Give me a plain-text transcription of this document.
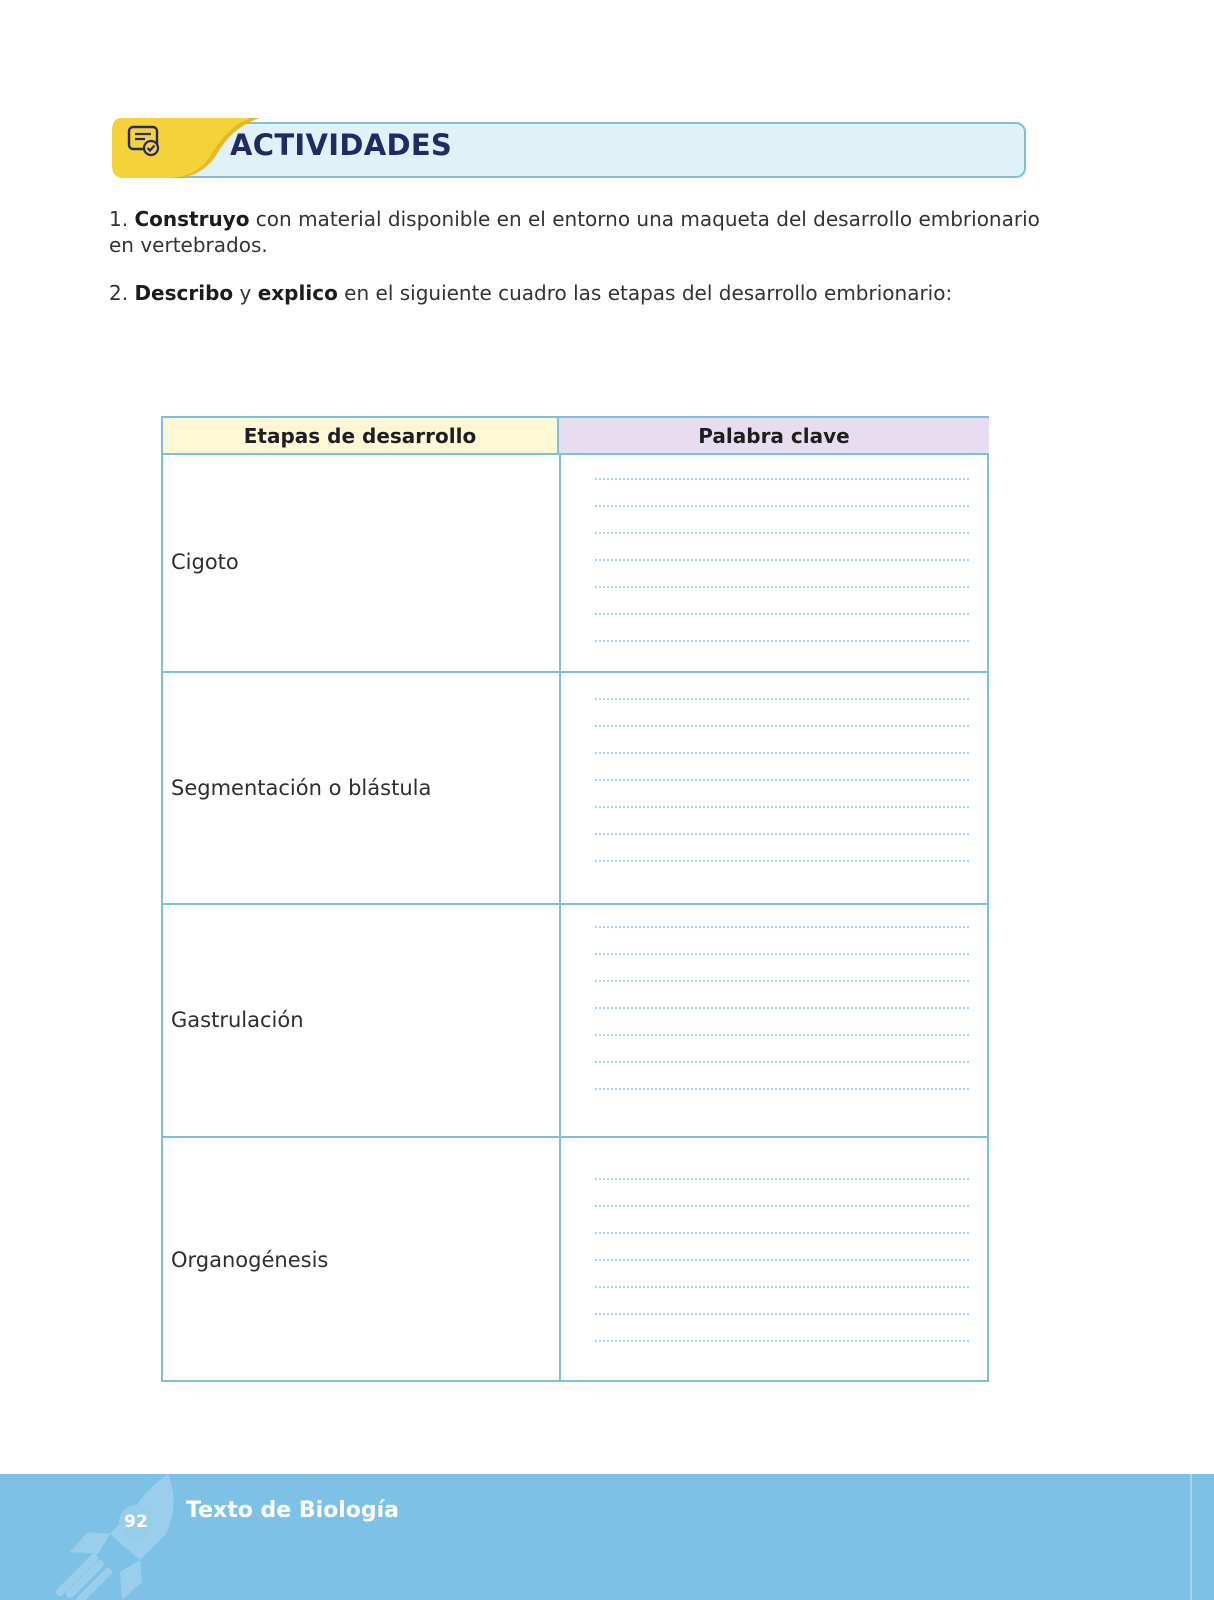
ACTIVIDADES
1. Construyo con material disponible en el entorno una maqueta del desarrollo embrionario en vertebrados.
2. Describo y explico en el siguiente cuadro las etapas del desarrollo embrionario:
Etapas de desarrollo	Palabra clave
Cigoto
Segmentación o blástula
Gastrulación
Organogénesis
92 Texto de Biología
